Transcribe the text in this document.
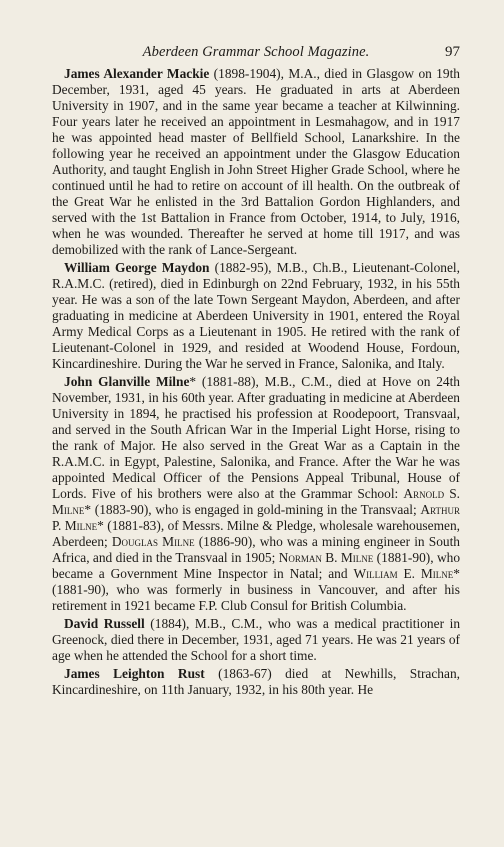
Aberdeen Grammar School Magazine.	97

James Alexander Mackie (1898-1904), M.A., died in Glasgow on 19th December, 1931, aged 45 years. He graduated in arts at Aberdeen University in 1907, and in the same year became a teacher at Kilwinning. Four years later he received an appointment in Lesmahagow, and in 1917 he was appointed head master of Bellfield School, Lanarkshire. In the following year he received an appointment under the Glasgow Education Authority, and taught English in John Street Higher Grade School, where he continued until he had to retire on account of ill health. On the outbreak of the Great War he enlisted in the 3rd Battalion Gordon Highlanders, and served with the 1st Battalion in France from October, 1914, to July, 1916, when he was wounded. Thereafter he served at home till 1917, and was demobilized with the rank of Lance-Sergeant.

William George Maydon (1882-95), M.B., Ch.B., Lieutenant-Colonel, R.A.M.C. (retired), died in Edinburgh on 22nd February, 1932, in his 55th year. He was a son of the late Town Sergeant Maydon, Aberdeen, and after graduating in medicine at Aberdeen University in 1901, entered the Royal Army Medical Corps as a Lieutenant in 1905. He retired with the rank of Lieutenant-Colonel in 1929, and resided at Woodend House, Fordoun, Kincardineshire. During the War he served in France, Salonika, and Italy.

John Glanville Milne* (1881-88), M.B., C.M., died at Hove on 24th November, 1931, in his 60th year. After graduating in medicine at Aberdeen University in 1894, he practised his profession at Roodepoort, Transvaal, and served in the South African War in the Imperial Light Horse, rising to the rank of Major. He also served in the Great War as a Captain in the R.A.M.C. in Egypt, Palestine, Salonika, and France. After the War he was appointed Medical Officer of the Pensions Appeal Tribunal, House of Lords. Five of his brothers were also at the Grammar School: Arnold S. Milne* (1883-90), who is engaged in gold-mining in the Transvaal; Arthur P. Milne* (1881-83), of Messrs. Milne & Pledge, wholesale warehousemen, Aberdeen; Douglas Milne (1886-90), who was a mining engineer in South Africa, and died in the Transvaal in 1905; Norman B. Milne (1881-90), who became a Government Mine Inspector in Natal; and William E. Milne* (1881-90), who was formerly in business in Vancouver, and after his retirement in 1921 became F.P. Club Consul for British Columbia.

David Russell (1884), M.B., C.M., who was a medical practitioner in Greenock, died there in December, 1931, aged 71 years. He was 21 years of age when he attended the School for a short time.

James Leighton Rust (1863-67) died at Newhills, Strachan, Kincardineshire, on 11th January, 1932, in his 80th year. He
